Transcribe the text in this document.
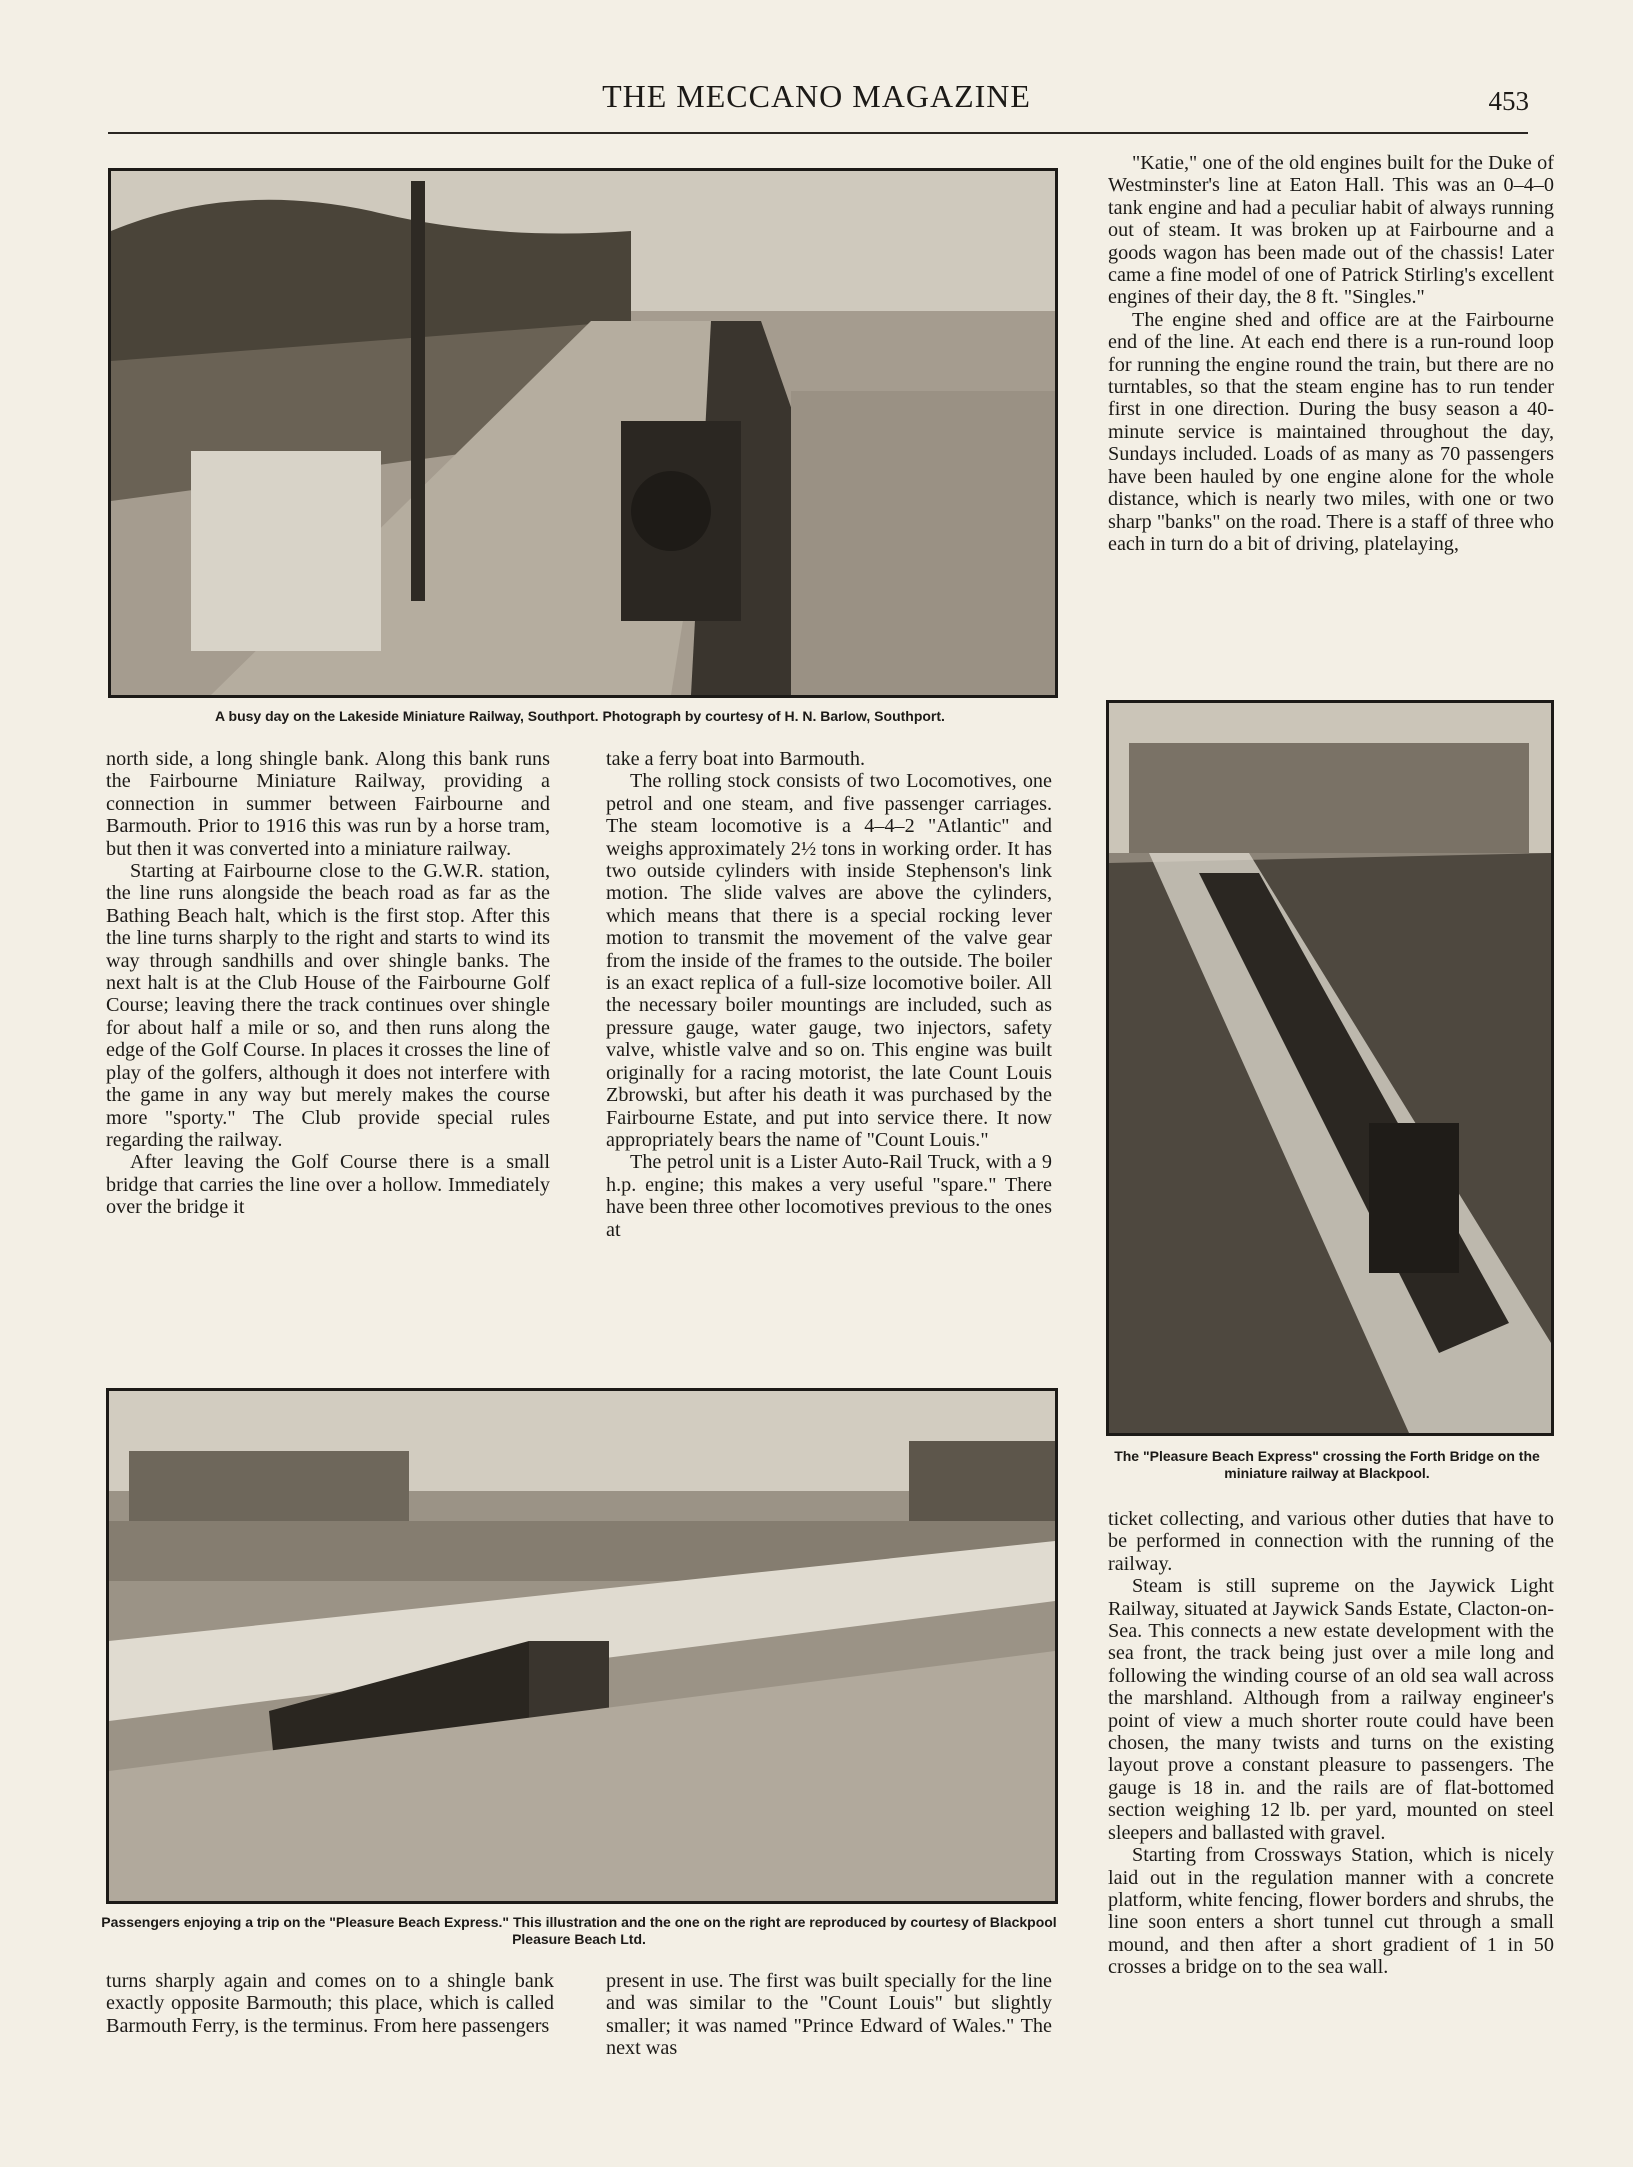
THE MECCANO MAGAZINE	453
A busy day on the Lakeside Miniature Railway, Southport. Photograph by courtesy of H. N. Barlow, Southport.
The "Pleasure Beach Express" crossing the Forth Bridge on the miniature railway at Blackpool.
Passengers enjoying a trip on the "Pleasure Beach Express." This illustration and the one on the right are reproduced by courtesy of Blackpool Pleasure Beach Ltd.

"Katie," one of the old engines built for the Duke of Westminster's line at Eaton Hall. This was an 0–4–0 tank engine and had a peculiar habit of always running out of steam. It was broken up at Fairbourne and a goods wagon has been made out of the chassis! Later came a fine model of one of Patrick Stirling's excellent engines of their day, the 8 ft. "Singles."

The engine shed and office are at the Fairbourne end of the line. At each end there is a run-round loop for running the engine round the train, but there are no turntables, so that the steam engine has to run tender first in one direction. During the busy season a 40-minute service is maintained throughout the day, Sundays included. Loads of as many as 70 passengers have been hauled by one engine alone for the whole distance, which is nearly two miles, with one or two sharp "banks" on the road. There is a staff of three who each in turn do a bit of driving, platelaying,

north side, a long shingle bank. Along this bank runs the Fairbourne Miniature Railway, providing a connection in summer between Fairbourne and Barmouth. Prior to 1916 this was run by a horse tram, but then it was converted into a miniature railway.

Starting at Fairbourne close to the G.W.R. station, the line runs alongside the beach road as far as the Bathing Beach halt, which is the first stop. After this the line turns sharply to the right and starts to wind its way through sandhills and over shingle banks. The next halt is at the Club House of the Fairbourne Golf Course; leaving there the track continues over shingle for about half a mile or so, and then runs along the edge of the Golf Course. In places it crosses the line of play of the golfers, although it does not interfere with the game in any way but merely makes the course more "sporty." The Club provide special rules regarding the railway.

After leaving the Golf Course there is a small bridge that carries the line over a hollow. Immediately over the bridge it

take a ferry boat into Barmouth.

The rolling stock consists of two Locomotives, one petrol and one steam, and five passenger carriages. The steam locomotive is a 4–4–2 "Atlantic" and weighs approximately 2½ tons in working order. It has two outside cylinders with inside Stephenson's link motion. The slide valves are above the cylinders, which means that there is a special rocking lever motion to transmit the movement of the valve gear from the inside of the frames to the outside. The boiler is an exact replica of a full-size locomotive boiler. All the necessary boiler mountings are included, such as pressure gauge, water gauge, two injectors, safety valve, whistle valve and so on. This engine was built originally for a racing motorist, the late Count Louis Zbrowski, but after his death it was purchased by the Fairbourne Estate, and put into service there. It now appropriately bears the name of "Count Louis."

The petrol unit is a Lister Auto-Rail Truck, with a 9 h.p. engine; this makes a very useful "spare." There have been three other locomotives previous to the ones at

ticket collecting, and various other duties that have to be performed in connection with the running of the railway.

Steam is still supreme on the Jaywick Light Railway, situated at Jaywick Sands Estate, Clacton-on-Sea. This connects a new estate development with the sea front, the track being just over a mile long and following the winding course of an old sea wall across the marshland. Although from a railway engineer's point of view a much shorter route could have been chosen, the many twists and turns on the existing layout prove a constant pleasure to passengers. The gauge is 18 in. and the rails are of flat-bottomed section weighing 12 lb. per yard, mounted on steel sleepers and ballasted with gravel.

Starting from Crossways Station, which is nicely laid out in the regulation manner with a concrete platform, white fencing, flower borders and shrubs, the line soon enters a short tunnel cut through a small mound, and then after a short gradient of 1 in 50 crosses a bridge on to the sea wall.

turns sharply again and comes on to a shingle bank exactly opposite Barmouth; this place, which is called Barmouth Ferry, is the terminus. From here passengers

present in use. The first was built specially for the line and was similar to the "Count Louis" but slightly smaller; it was named "Prince Edward of Wales." The next was
